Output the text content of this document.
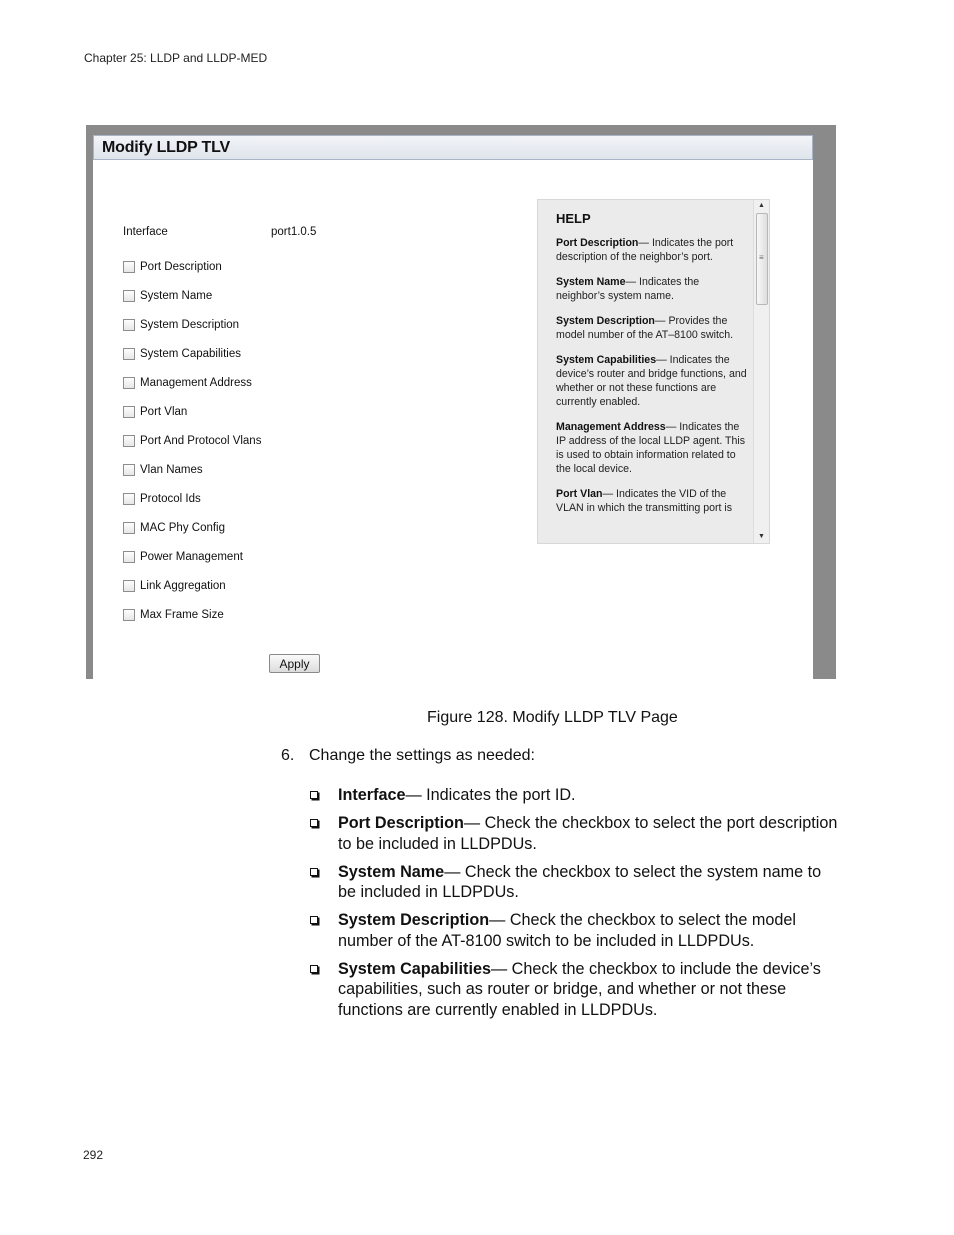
Chapter 25: LLDP and LLDP-MED
Modify LLDP TLV
Interface	port1.0.5
Port Description
System Name
System Description
System Capabilities
Management Address
Port Vlan
Port And Protocol Vlans
Vlan Names
Protocol Ids
MAC Phy Config
Power Management
Link Aggregation
Max Frame Size
Apply
HELP
Port Description— Indicates the port description of the neighbor’s port.
System Name— Indicates the neighbor’s system name.
System Description— Provides the model number of the AT–8100 switch.
System Capabilities— Indicates the device’s router and bridge functions, and whether or not these functions are currently enabled.
Management Address— Indicates the IP address of the local LLDP agent. This is used to obtain information related to the local device.
Port Vlan— Indicates the VID of the VLAN in which the transmitting port is
▲
≡
▼
Figure 128. Modify LLDP TLV Page
6. Change the settings as needed:
Interface— Indicates the port ID.
Port Description— Check the checkbox to select the port description to be included in LLDPDUs.
System Name— Check the checkbox to select the system name to be included in LLDPDUs.
System Description— Check the checkbox to select the model number of the AT-8100 switch to be included in LLDPDUs.
System Capabilities— Check the checkbox to include the device’s capabilities, such as router or bridge, and whether or not these functions are currently enabled in LLDPDUs.
292
